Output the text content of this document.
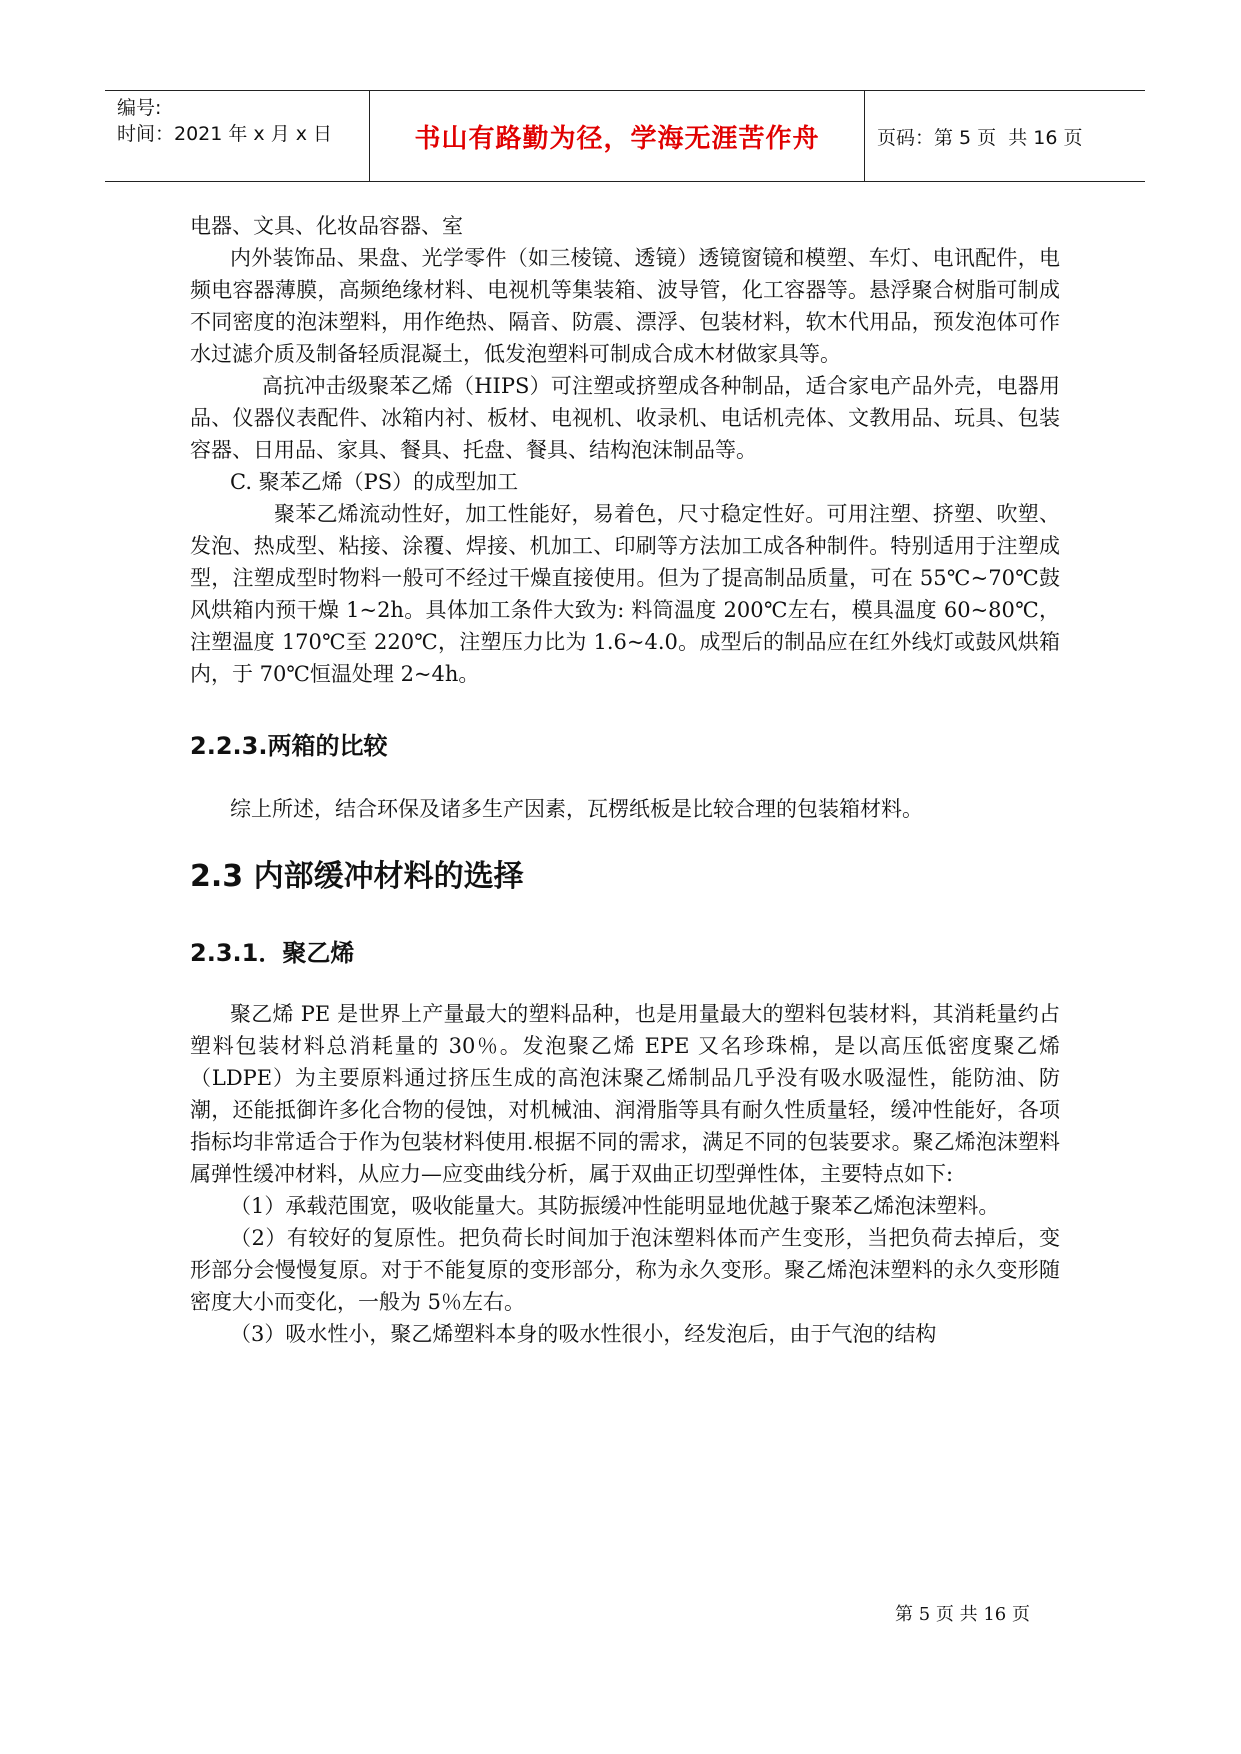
编号:
时间：2021 年 x 月 x 日	书山有路勤为径，学海无涯苦作舟	页码：第 5 页  共 16 页

电器、文具、化妆品容器、室

内外装饰品、果盘、光学零件（如三棱镜、透镜）透镜窗镜和模塑、车灯、电讯配件，电频电容器薄膜，高频绝缘材料、电视机等集装箱、波导管，化工容器等。悬浮聚合树脂可制成不同密度的泡沫塑料，用作绝热、隔音、防震、漂浮、包装材料，软木代用品，预发泡体可作水过滤介质及制备轻质混凝土，低发泡塑料可制成合成木材做家具等。

高抗冲击级聚苯乙烯（HIPS）可注塑或挤塑成各种制品，适合家电产品外壳，电器用品、仪器仪表配件、冰箱内衬、板材、电视机、收录机、电话机壳体、文教用品、玩具、包装容器、日用品、家具、餐具、托盘、餐具、结构泡沫制品等。

C. 聚苯乙烯（PS）的成型加工

聚苯乙烯流动性好，加工性能好，易着色，尺寸稳定性好。可用注塑、挤塑、吹塑、发泡、热成型、粘接、涂覆、焊接、机加工、印刷等方法加工成各种制件。特别适用于注塑成型，注塑成型时物料一般可不经过干燥直接使用。但为了提高制品质量，可在 55℃~70℃鼓风烘箱内预干燥 1~2h。具体加工条件大致为: 料筒温度 200℃左右，模具温度 60~80℃，注塑温度 170℃至 220℃，注塑压力比为 1.6~4.0。成型后的制品应在红外线灯或鼓风烘箱内，于 70℃恒温处理 2~4h。

2.2.3.两箱的比较

综上所述，结合环保及诸多生产因素，瓦楞纸板是比较合理的包装箱材料。

2.3 内部缓冲材料的选择
2.3.1．聚乙烯

聚乙烯 PE 是世界上产量最大的塑料品种，也是用量最大的塑料包装材料，其消耗量约占塑料包装材料总消耗量的 30％。发泡聚乙烯 EPE 又名珍珠棉，是以高压低密度聚乙烯（LDPE）为主要原料通过挤压生成的高泡沫聚乙烯制品几乎没有吸水吸湿性，能防油、防潮，还能抵御许多化合物的侵蚀，对机械油、润滑脂等具有耐久性质量轻，缓冲性能好，各项指标均非常适合于作为包装材料使用.根据不同的需求，满足不同的包装要求。聚乙烯泡沫塑料属弹性缓冲材料，从应力—应变曲线分析，属于双曲正切型弹性体，主要特点如下:

（1）承载范围宽，吸收能量大。其防振缓冲性能明显地优越于聚苯乙烯泡沫塑料。

（2）有较好的复原性。把负荷长时间加于泡沫塑料体而产生变形，当把负荷去掉后，变形部分会慢慢复原。对于不能复原的变形部分，称为永久变形。聚乙烯泡沫塑料的永久变形随密度大小而变化，一般为 5％左右。

（3）吸水性小，聚乙烯塑料本身的吸水性很小，经发泡后，由于气泡的结构

第 5 页 共 16 页
